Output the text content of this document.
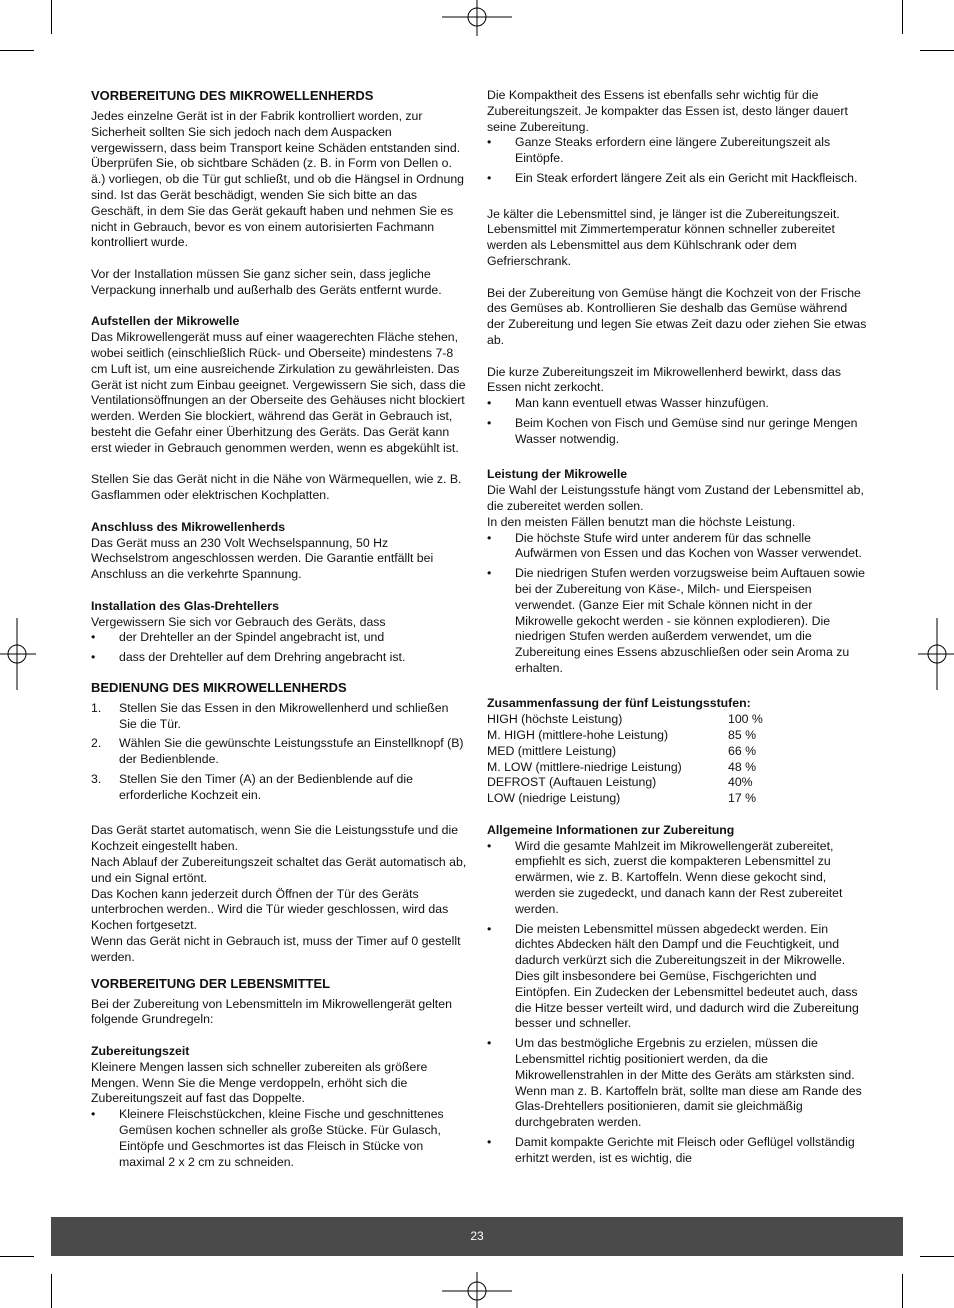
VORBEREITUNG DES MIKROWELLENHERDS

Jedes einzelne Gerät ist in der Fabrik kontrolliert worden, zur Sicherheit sollten Sie sich jedoch nach dem Auspacken vergewissern, dass beim Transport keine Schäden entstanden sind. Überprüfen Sie, ob sichtbare Schäden (z. B. in Form von Dellen o. ä.) vorliegen, ob die Tür gut schließt, und ob die Hängsel in Ordnung sind. Ist das Gerät beschädigt, wenden Sie sich bitte an das Geschäft, in dem Sie das Gerät gekauft haben und nehmen Sie es nicht in Gebrauch, bevor es von einem autorisierten Fachmann kontrolliert wurde.

Vor der Installation müssen Sie ganz sicher sein, dass jegliche Verpackung innerhalb und außerhalb des Geräts entfernt wurde.

Aufstellen der Mikrowelle

Das Mikrowellengerät muss auf einer waagerechten Fläche stehen, wobei seitlich (einschließlich Rück- und Oberseite) mindestens 7-8 cm Luft ist, um eine ausreichende Zirkulation zu gewährleisten. Das Gerät ist nicht zum Einbau geeignet. Vergewissern Sie sich, dass die Ventilationsöffnungen an der Oberseite des Gehäuses nicht blockiert werden. Werden Sie blockiert, während das Gerät in Gebrauch ist, besteht die Gefahr einer Überhitzung des Geräts. Das Gerät kann erst wieder in Gebrauch genommen werden, wenn es abgekühlt ist.

Stellen Sie das Gerät nicht in die Nähe von Wärmequellen, wie z. B. Gasflammen oder elektrischen Kochplatten.

Anschluss des Mikrowellenherds

Das Gerät muss an 230 Volt Wechselspannung, 50 Hz Wechselstrom angeschlossen werden. Die Garantie entfällt bei Anschluss an die verkehrte Spannung.

Installation des Glas-Drehtellers

Vergewissern Sie sich vor Gebrauch des Geräts, dass

• der Drehteller an der Spindel angebracht ist, und
• dass der Drehteller auf dem Drehring angebracht ist.

BEDIENUNG DES MIKROWELLENHERDS

1. Stellen Sie das Essen in den Mikrowellenherd und schließen Sie die Tür.
2. Wählen Sie die gewünschte Leistungsstufe an Einstellknopf (B) der Bedienblende.
3. Stellen Sie den Timer (A) an der Bedienblende auf die erforderliche Kochzeit ein.

Das Gerät startet automatisch, wenn Sie die Leistungsstufe und die Kochzeit eingestellt haben.

Nach Ablauf der Zubereitungszeit schaltet das Gerät automatisch ab, und ein Signal ertönt.

Das Kochen kann jederzeit durch Öffnen der Tür des Geräts unterbrochen werden.. Wird die Tür wieder geschlossen, wird das Kochen fortgesetzt.

Wenn das Gerät nicht in Gebrauch ist, muss der Timer auf 0 gestellt werden.

VORBEREITUNG DER LEBENSMITTEL

Bei der Zubereitung von Lebensmitteln im Mikrowellengerät gelten folgende Grundregeln:

Zubereitungszeit

Kleinere Mengen lassen sich schneller zubereiten als größere Mengen. Wenn Sie die Menge verdoppeln, erhöht sich die Zubereitungszeit auf fast das Doppelte.

• Kleinere Fleischstückchen, kleine Fische und geschnittenes Gemüsen kochen schneller als große Stücke. Für Gulasch, Eintöpfe und Geschmortes ist das Fleisch in Stücke von maximal 2 x 2 cm zu schneiden.

Die Kompaktheit des Essens ist ebenfalls sehr wichtig für die Zubereitungszeit. Je kompakter das Essen ist, desto länger dauert seine Zubereitung.

• Ganze Steaks erfordern eine längere Zubereitungszeit als Eintöpfe.
• Ein Steak erfordert längere Zeit als ein Gericht mit Hackfleisch.

Je kälter die Lebensmittel sind, je länger ist die Zubereitungszeit. Lebensmittel mit Zimmertemperatur können schneller zubereitet werden als Lebensmittel aus dem Kühlschrank oder dem Gefrierschrank.

Bei der Zubereitung von Gemüse hängt die Kochzeit von der Frische des Gemüses ab. Kontrollieren Sie deshalb das Gemüse während der Zubereitung und legen Sie etwas Zeit dazu oder ziehen Sie etwas ab.

Die kurze Zubereitungszeit im Mikrowellenherd bewirkt, dass das Essen nicht zerkocht.

• Man kann eventuell etwas Wasser hinzufügen.
• Beim Kochen von Fisch und Gemüse sind nur geringe Mengen Wasser notwendig.

Leistung der Mikrowelle

Die Wahl der Leistungsstufe hängt vom Zustand der Lebensmittel ab, die zubereitet werden sollen.

In den meisten Fällen benutzt man die höchste Leistung.

• Die höchste Stufe wird unter anderem für das schnelle Aufwärmen von Essen und das Kochen von Wasser verwendet.
• Die niedrigen Stufen werden vorzugsweise beim Auftauen sowie bei der Zubereitung von Käse-, Milch- und Eierspeisen verwendet. (Ganze Eier mit Schale können nicht in der Mikrowelle gekocht werden - sie können explodieren). Die niedrigen Stufen werden außerdem verwendet, um die Zubereitung eines Essens abzuschließen oder sein Aroma zu erhalten.

Zusammenfassung der fünf Leistungsstufen:

HIGH (höchste Leistung)	100 %
M. HIGH (mittlere-hohe Leistung)	85 %
MED (mittlere Leistung)	66 %
M. LOW (mittlere-niedrige Leistung)	48 %
DEFROST (Auftauen Leistung)	40%
LOW (niedrige Leistung)	17 %

Allgemeine Informationen zur Zubereitung

• Wird die gesamte Mahlzeit im Mikrowellengerät zubereitet, empfiehlt es sich, zuerst die kompakteren Lebensmittel zu erwärmen, wie z. B. Kartoffeln. Wenn diese gekocht sind, werden sie zugedeckt, und danach kann der Rest zubereitet werden.
• Die meisten Lebensmittel müssen abgedeckt werden. Ein dichtes Abdecken hält den Dampf und die Feuchtigkeit, und dadurch verkürzt sich die Zubereitungszeit in der Mikrowelle. Dies gilt insbesondere bei Gemüse, Fischgerichten und Eintöpfen. Ein Zudecken der Lebensmittel bedeutet auch, dass die Hitze besser verteilt wird, und dadurch wird die Zubereitung besser und schneller.
• Um das bestmögliche Ergebnis zu erzielen, müssen die Lebensmittel richtig positioniert werden, da die Mikrowellenstrahlen in der Mitte des Geräts am stärksten sind. Wenn man z. B. Kartoffeln brät, sollte man diese am Rande des Glas-Drehtellers positionieren, damit sie gleichmäßig durchgebraten werden.
• Damit kompakte Gerichte mit Fleisch oder Geflügel vollständig erhitzt werden, ist es wichtig, die
23
